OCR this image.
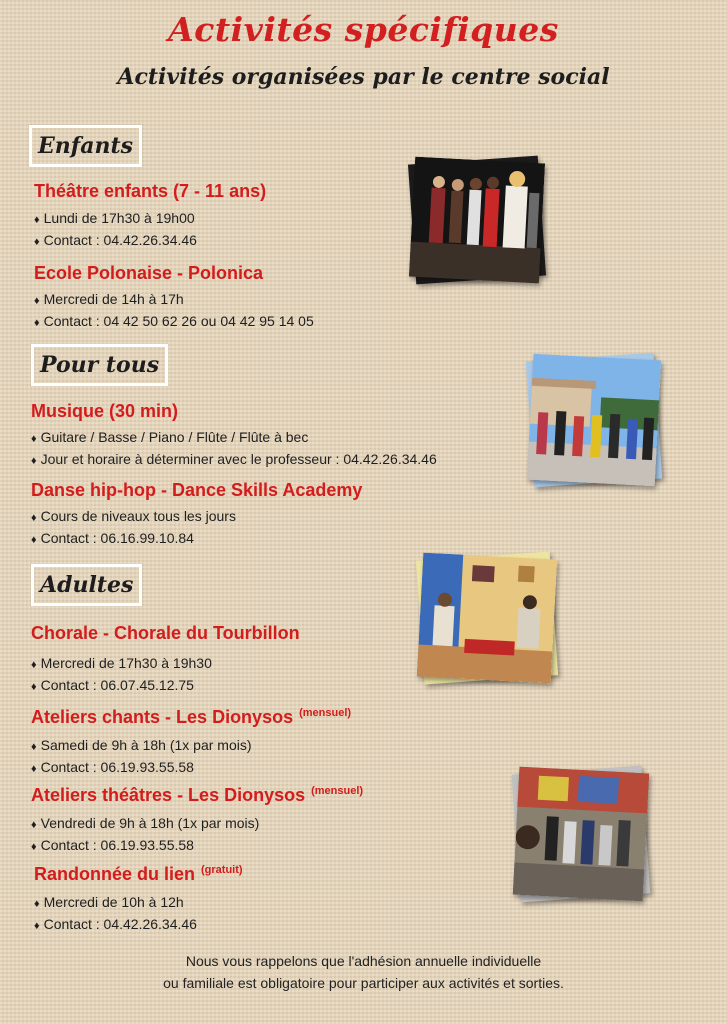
Activités spécifiques
Activités organisées par le centre social
Enfants
Théâtre enfants (7 - 11 ans)
♦ Lundi de 17h30 à 19h00
♦ Contact : 04.42.26.34.46
Ecole Polonaise - Polonica
♦ Mercredi de 14h à 17h
♦ Contact : 04 42 50 62 26 ou 04 42 95 14 05
Pour tous
Musique (30 min)
♦ Guitare / Basse / Piano / Flûte / Flûte à bec
♦ Jour et horaire à déterminer avec le professeur : 04.42.26.34.46
Danse hip-hop - Dance Skills Academy
♦ Cours de niveaux tous les jours
♦ Contact : 06.16.99.10.84
Adultes
Chorale - Chorale du Tourbillon
♦ Mercredi de 17h30 à 19h30
♦ Contact : 06.07.45.12.75
Ateliers chants - Les Dionysos $^{(mensuel)}$
♦ Samedi de 9h à 18h (1x par mois)
♦ Contact : 06.19.93.55.58
Ateliers théâtres - Les Dionysos $^{(mensuel)}$
♦ Vendredi de 9h à 18h (1x par mois)
♦ Contact : 06.19.93.55.58
Randonnée du lien $^{(gratuit)}$
♦ Mercredi de 10h à 12h
♦ Contact : 04.42.26.34.46
Nous vous rappelons que l'adhésion annuelle individuelle
ou familiale est obligatoire pour participer aux activités et sorties.
